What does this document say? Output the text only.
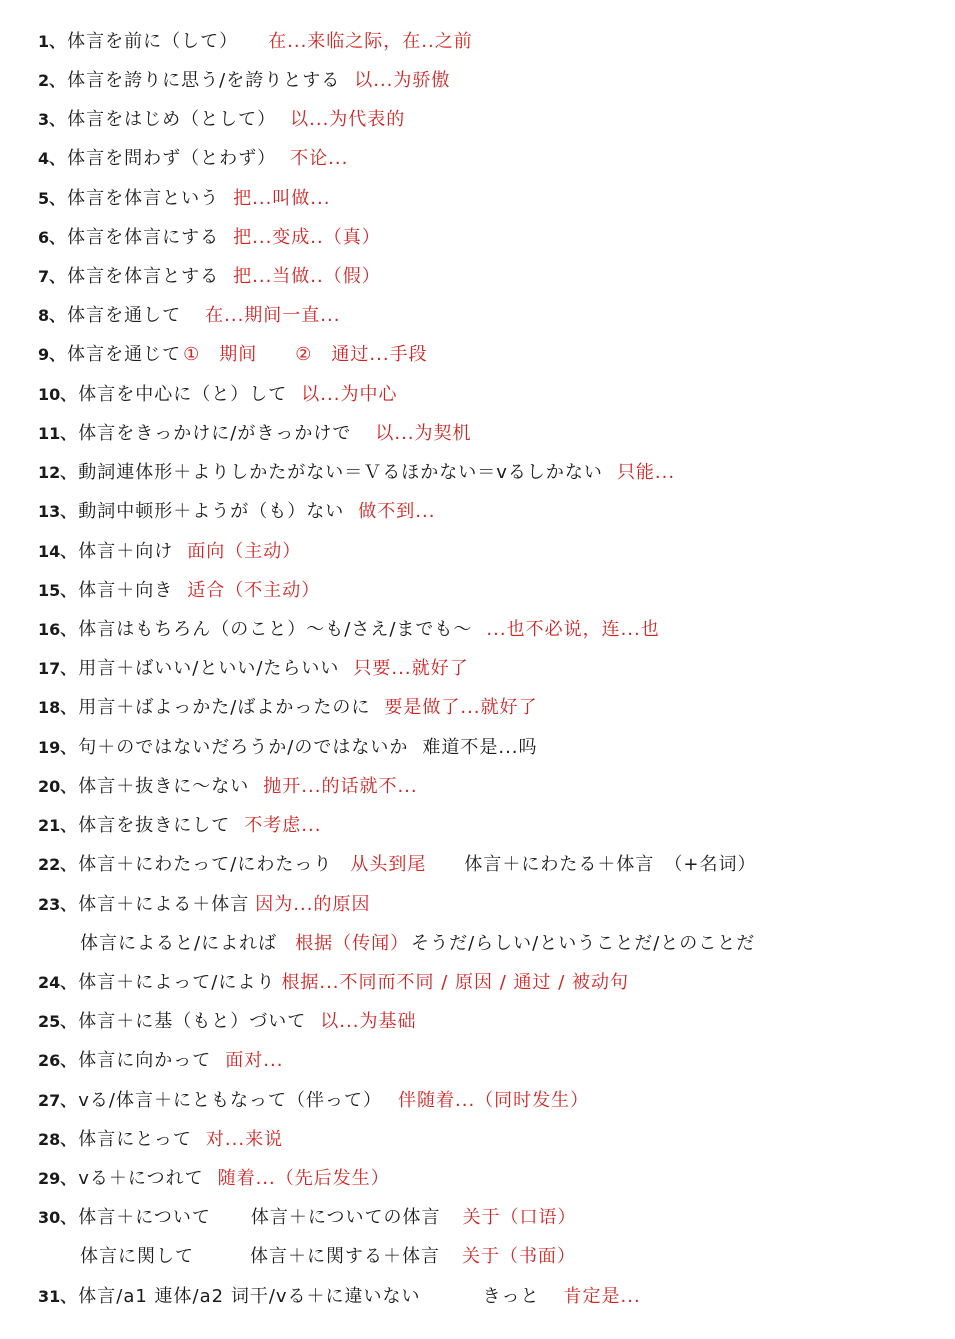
1、 体言を前に（して） 在...来临之际，在..之前
2、 体言を誇りに思う/を誇りとする 以...为骄傲
3、 体言をはじめ（として） 以...为代表的
4、 体言を問わず（とわず） 不论...
5、 体言を体言という 把...叫做...
6、 体言を体言にする 把...变成..（真）
7、 体言を体言とする 把...当做..（假）
8、 体言を通して 在...期间一直...
9、 体言を通じて ①　期间　　②　通过...手段
10、 体言を中心に（と）して 以...为中心
11、 体言をきっかけに/がきっかけで 以...为契机
12、 動詞連体形＋よりしかたがない＝Ｖるほかない＝vるしかない 只能...
13、 動詞中顿形＋ようが（も）ない 做不到...
14、 体言＋向け 面向（主动）
15、 体言＋向き 适合（不主动）
16、 体言はもちろん（のこと）～も/さえ/までも～ ...也不必说，连...也
17、 用言＋ばいい/といい/たらいい 只要...就好了
18、 用言＋ばよっかた/ばよかったのに 要是做了...就好了
19、 句＋のではないだろうか/のではないか 难道不是...吗
20、 体言＋抜きに～ない 抛开...的话就不...
21、 体言を抜きにして 不考虑...
22、 体言＋にわたって/にわたっり 从头到尾 体言＋にわたる＋体言　（+名词）
23、 体言＋による＋体言 因为...的原因
体言によると/によれば 根据（传闻） そうだ/らしい/ということだ/とのことだ
24、 体言＋によって/により 根据...不同而不同 / 原因 / 通过 / 被动句
25、 体言＋に基（もと）づいて 以...为基础
26、 体言に向かって 面对...
27、 vる/体言＋にともなって（伴って） 伴随着...（同时发生）
28、 体言にとって 对...来说
29、 vる＋につれて 随着...（先后发生）
30、 体言＋について 体言＋についての体言 关于（口语）
体言に関して	体言＋に関する＋体言 关于（书面）
31、 体言/a1 連体/a2 词干/vる＋に違いない	きっと 肯定是...
